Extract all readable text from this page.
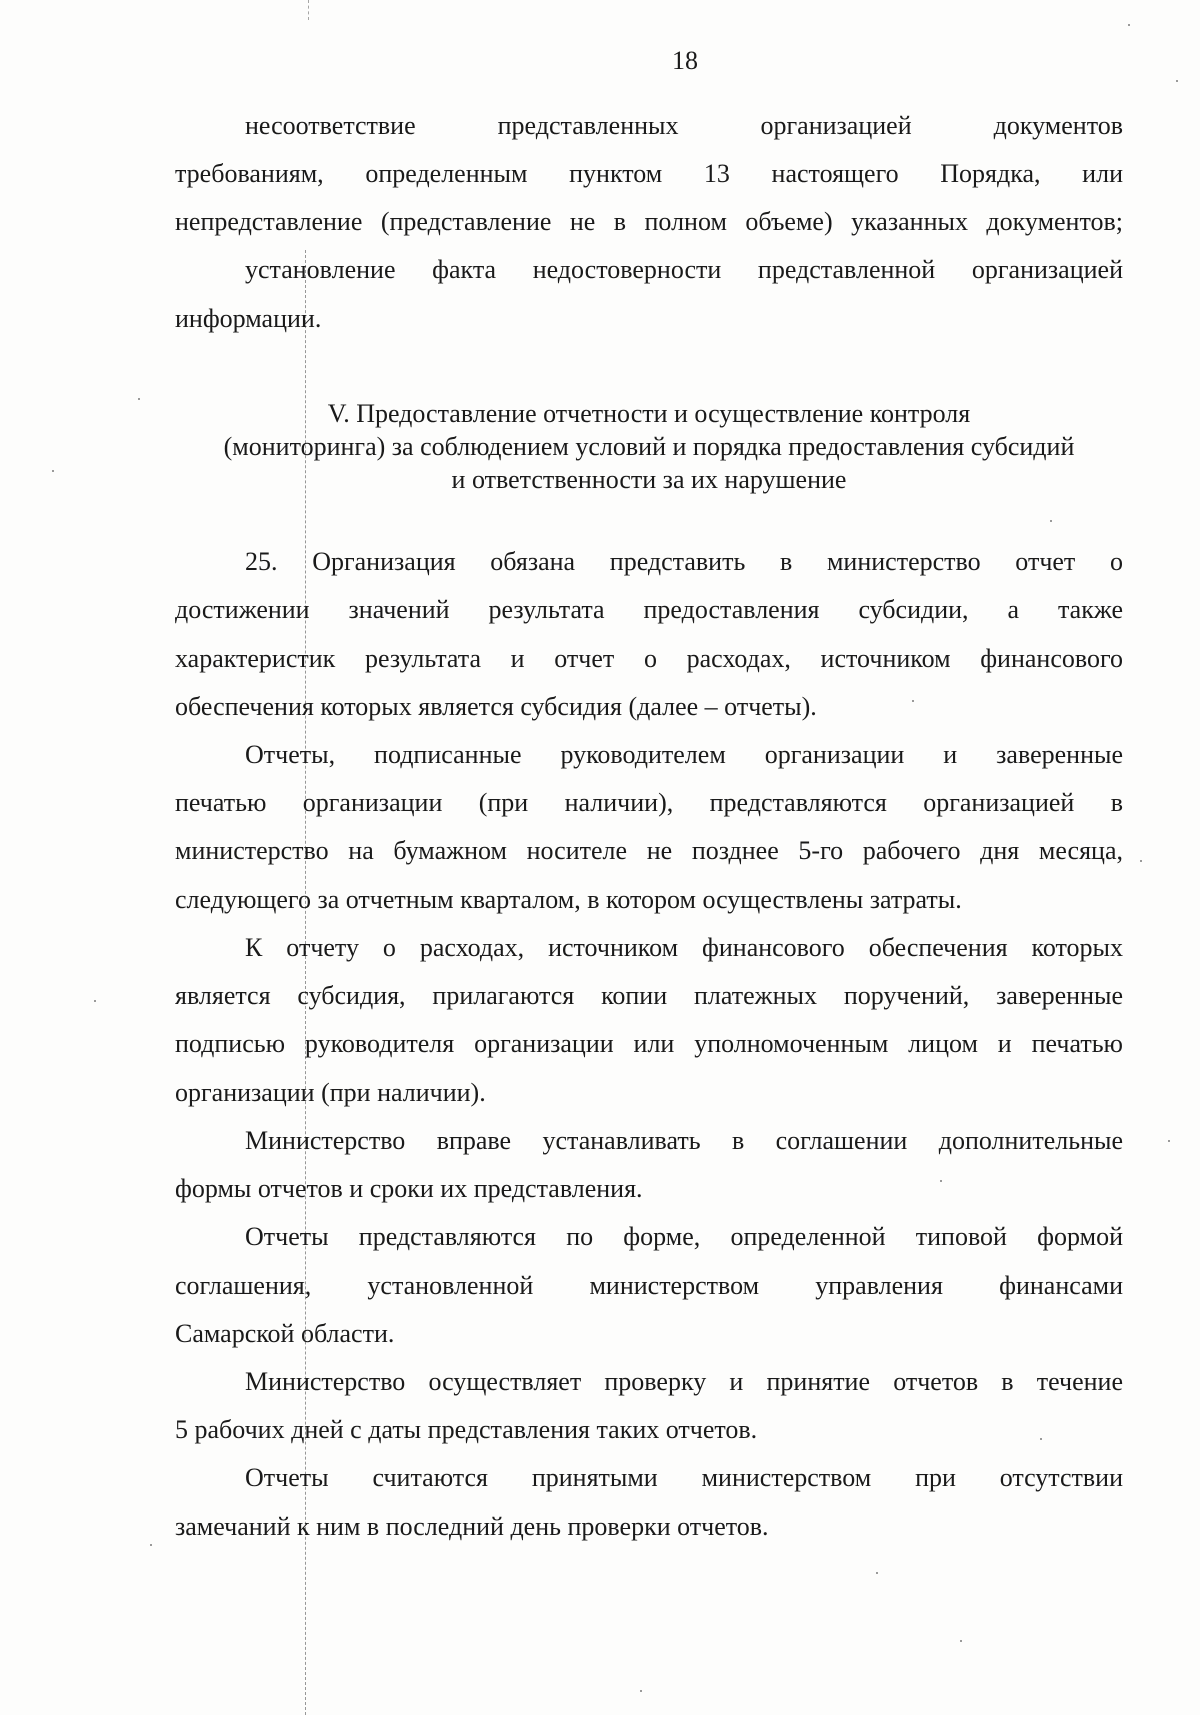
18
несоответствие представленных организацией документов
требованиям, определенным пунктом 13 настоящего Порядка, или
непредставление (представление не в полном объеме) указанных документов;
установление факта недостоверности представленной организацией
информации.
V. Предоставление отчетности и осуществление контроля
(мониторинга) за соблюдением условий и порядка предоставления субсидий
и ответственности за их нарушение
25. Организация обязана представить в министерство отчет о
достижении значений результата предоставления субсидии, а также
характеристик результата и отчет о расходах, источником финансового
обеспечения которых является субсидия (далее – отчеты).
Отчеты, подписанные руководителем организации и заверенные
печатью организации (при наличии), представляются организацией в
министерство на бумажном носителе не позднее 5-го рабочего дня месяца,
следующего за отчетным кварталом, в котором осуществлены затраты.
К отчету о расходах, источником финансового обеспечения которых
является субсидия, прилагаются копии платежных поручений, заверенные
подписью руководителя организации или уполномоченным лицом и печатью
организации (при наличии).
Министерство вправе устанавливать в соглашении дополнительные
формы отчетов и сроки их представления.
Отчеты представляются по форме, определенной типовой формой
соглашения, установленной министерством управления финансами
Самарской области.
Министерство осуществляет проверку и принятие отчетов в течение
5 рабочих дней с даты представления таких отчетов.
Отчеты считаются принятыми министерством при отсутствии
замечаний к ним в последний день проверки отчетов.
